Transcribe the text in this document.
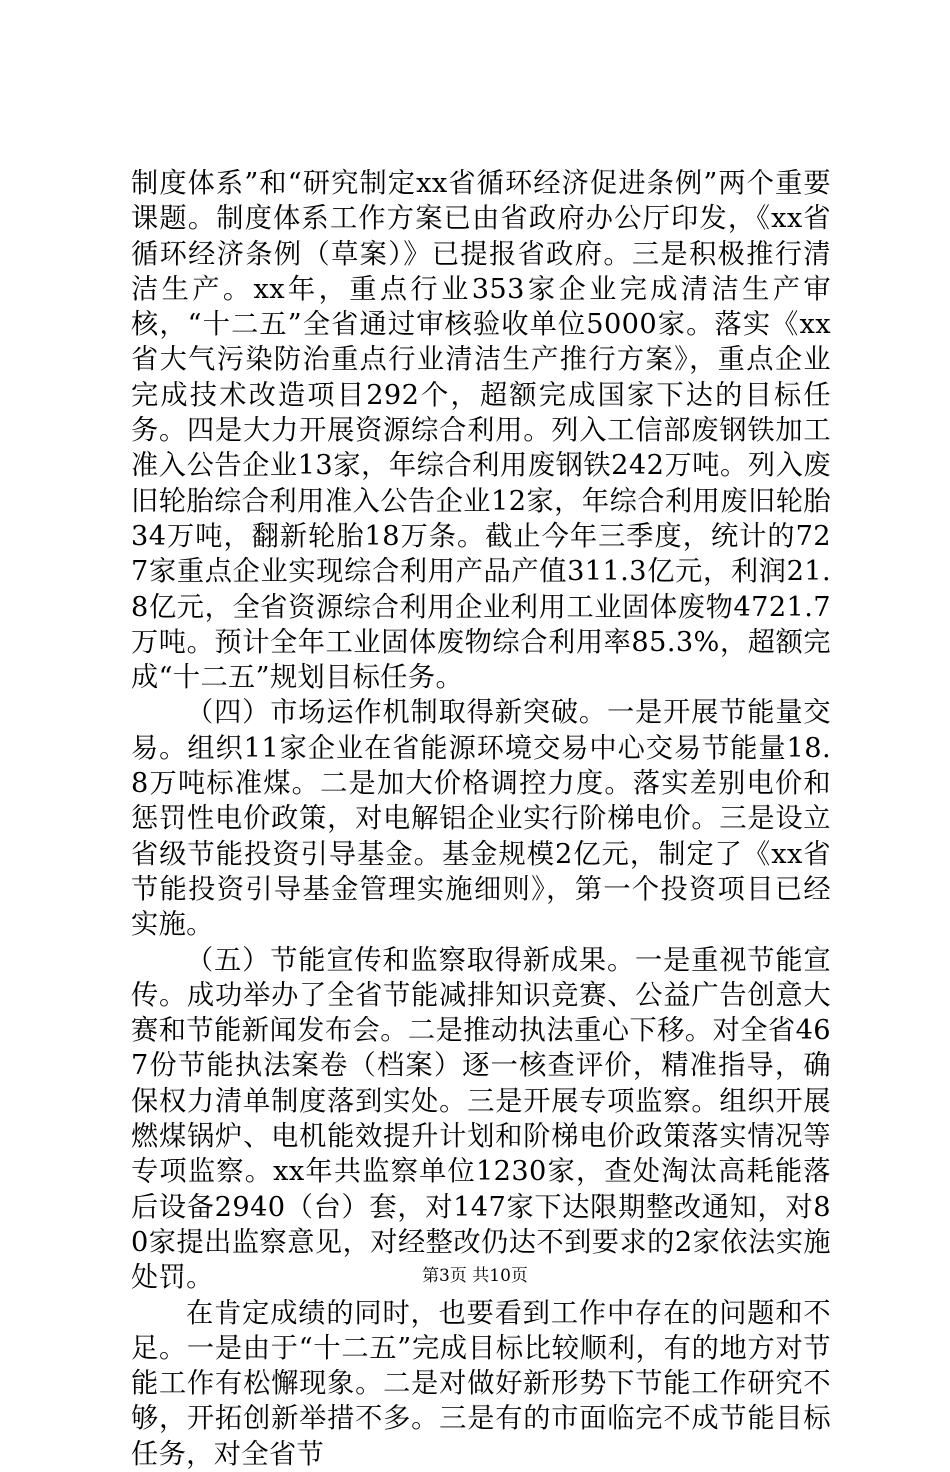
制度体系”和“研究制定xx省循环经济促进条例”两个重要课题。制度体系工作方案已由省政府办公厅印发，《xx省循环经济条例（草案）》已提报省政府。三是积极推行清洁生产。xx年，重点行业353家企业完成清洁生产审核，“十二五”全省通过审核验收单位5000家。落实《xx省大气污染防治重点行业清洁生产推行方案》，重点企业完成技术改造项目292个，超额完成国家下达的目标任务。四是大力开展资源综合利用。列入工信部废钢铁加工准入公告企业13家，年综合利用废钢铁242万吨。列入废旧轮胎综合利用准入公告企业12家，年综合利用废旧轮胎34万吨，翻新轮胎18万条。截止今年三季度，统计的727家重点企业实现综合利用产品产值311.3亿元，利润21.8亿元，全省资源综合利用企业利用工业固体废物4721.7万吨。预计全年工业固体废物综合利用率85.3%，超额完成“十二五”规划目标任务。

（四）市场运作机制取得新突破。一是开展节能量交易。组织11家企业在省能源环境交易中心交易节能量18.8万吨标准煤。二是加大价格调控力度。落实差别电价和惩罚性电价政策，对电解铝企业实行阶梯电价。三是设立省级节能投资引导基金。基金规模2亿元，制定了《xx省节能投资引导基金管理实施细则》，第一个投资项目已经实施。

（五）节能宣传和监察取得新成果。一是重视节能宣传。成功举办了全省节能减排知识竞赛、公益广告创意大赛和节能新闻发布会。二是推动执法重心下移。对全省467份节能执法案卷（档案）逐一核查评价，精准指导，确保权力清单制度落到实处。三是开展专项监察。组织开展燃煤锅炉、电机能效提升计划和阶梯电价政策落实情况等专项监察。xx年共监察单位1230家，查处淘汰高耗能落后设备2940（台）套，对147家下达限期整改通知，对80家提出监察意见，对经整改仍达不到要求的2家依法实施处罚。

在肯定成绩的同时，也要看到工作中存在的问题和不足。一是由于“十二五”完成目标比较顺利，有的地方对节能工作有松懈现象。二是对做好新形势下节能工作研究不够，开拓创新举措不多。三是有的市面临完不成节能目标任务，对全省节

第3页 共10页
